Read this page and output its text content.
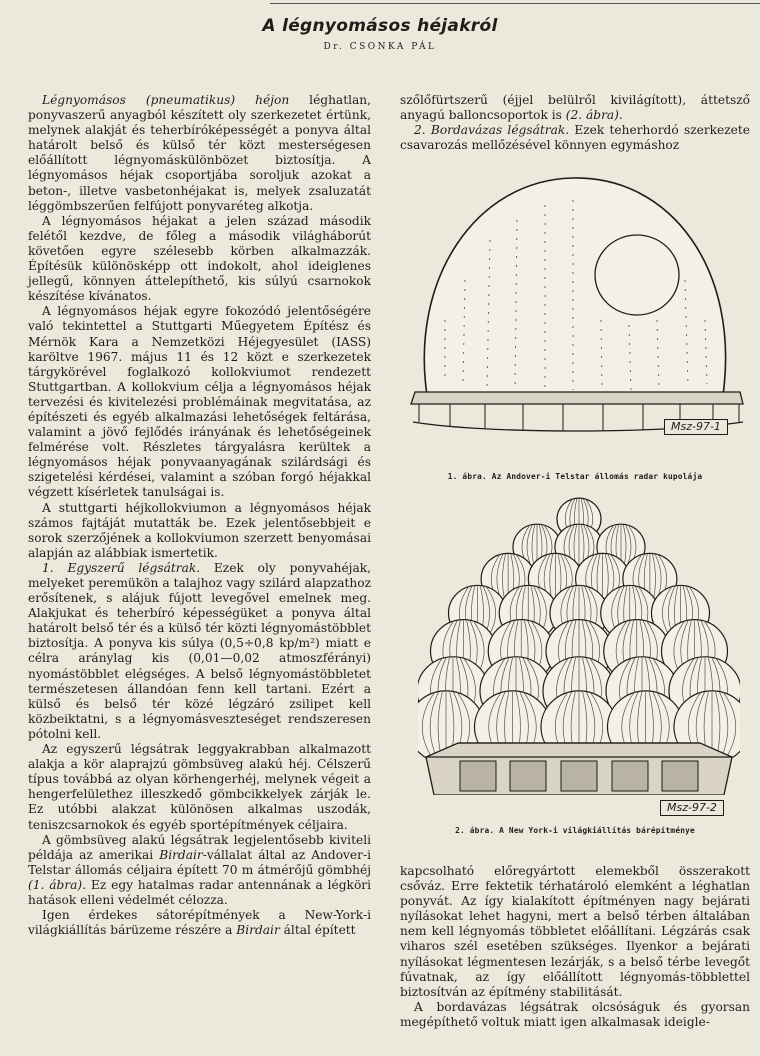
A légnyomásos héjakról
Dr. CSONKA PÁL

Légnyomásos (pneumatikus) héjon léghatlan, ponyvaszerű anyagból készített oly szerkezetet értünk, melynek alakját és teherbíróképességét a ponyva által határolt belső és külső tér közt mesterségesen előállított légnyomáskülönbözet biztosítja. A légnyomásos héjak csoportjába soroljuk azokat a beton-, illetve vasbetonhéjakat is, melyek zsaluzatát léggömbszerűen felfújott ponyvaréteg alkotja.

A légnyomásos héjakat a jelen század második felétől kezdve, de főleg a második világháborút követően egyre szélesebb körben alkalmazzák. Építésük különösképp ott indokolt, ahol ideiglenes jellegű, könnyen áttelepíthető, kis súlyú csarnokok készítése kívánatos.

A légnyomásos héjak egyre fokozódó jelentőségére való tekintettel a Stuttgarti Műegyetem Építész és Mérnök Kara a Nemzetközi Héjegyesület (IASS) karöltve 1967. május 11 és 12 közt e szerkezetek tárgykörével foglalkozó kollokviumot rendezett Stuttgartban. A kollokvium célja a légnyomásos héjak tervezési és kivitelezési problémáinak megvitatása, az építészeti és egyéb alkalmazási lehetőségek feltárása, valamint a jövő fejlődés irányának és lehetőségeinek felmérése volt. Részletes tárgyalásra kerültek a légnyomásos héjak ponyvaanyagának szilárdsági és szigetelési kérdései, valamint a szóban forgó héjakkal végzett kísérletek tanulságai is.

A stuttgarti héjkollokviumon a légnyomásos héjak számos fajtáját mutatták be. Ezek jelentősebbjeit e sorok szerzőjének a kollokviumon szerzett benyomásai alapján az alábbiak ismertetik.

1. Egyszerű légsátrak. Ezek oly ponyvahéjak, melyeket peremükön a talajhoz vagy szilárd alapzathoz erősítenek, s alájuk fújott levegővel emelnek meg. Alakjukat és teherbíró képességüket a ponyva által határolt belső tér és a külső tér közti légnyomástöbblet biztosítja. A ponyva kis súlya (0,5÷0,8 kp/m²) miatt e célra aránylag kis (0,01—0,02 atmoszférányi) nyomástöbblet elégséges. A belső légnyomástöbbletet természetesen állandóan fenn kell tartani. Ezért a külső és belső tér közé légzáró zsilipet kell közbeiktatni, s a légnyomásveszteséget rendszeresen pótolni kell.

Az egyszerű légsátrak leggyakrabban alkalmazott alakja a kör alaprajzú gömbsüveg alakú héj. Célszerű típus továbbá az olyan körhengerhéj, melynek végeit a hengerfelülethez illeszkedő gömbcikkelyek zárják le. Ez utóbbi alakzat különösen alkalmas uszodák, teniszcsarnokok és egyéb sportépítmények céljaira.

A gömbsüveg alakú légsátrak legjelentősebb kiviteli példája az amerikai Birdair-vállalat által az Andover-i Telstar állomás céljaira épített 70 m átmérőjű gömbhéj (1. ábra). Ez egy hatalmas radar antennának a légköri hatások elleni védelmét célozza.

Igen érdekes sátorépítmények a New-York-i világkiállítás bárüzeme részére a Birdair által épített

szőlőfürtszerű (éjjel belülről kivilágított), áttetsző anyagú balloncsoportok is (2. ábra).

2. Bordavázas légsátrak. Ezek teherhordó szerkezete csavarozás mellőzésével könnyen egymáshoz

Msz-97-1
1. ábra. Az Andover-i Telstar állomás radar kupolája
Msz-97-2
2. ábra. A New York-i világkiállítás bárépítménye

kapcsolható előregyártott elemekből összerakott csőváz. Erre fektetik térhatároló elemként a léghatlan ponyvát. Az így kialakított építményen nagy bejárati nyílásokat lehet hagyni, mert a belső térben általában nem kell légnyomás többletet előállítani. Légzárás csak viharos szél esetében szükséges. Ilyenkor a bejárati nyílásokat légmentesen lezárják, s a belső térbe levegőt fúvatnak, az így előállított légnyomás-többlettel biztosítván az építmény stabilitását.

A bordavázas légsátrak olcsóságuk és gyorsan megépíthető voltuk miatt igen alkalmasak ideigle-
